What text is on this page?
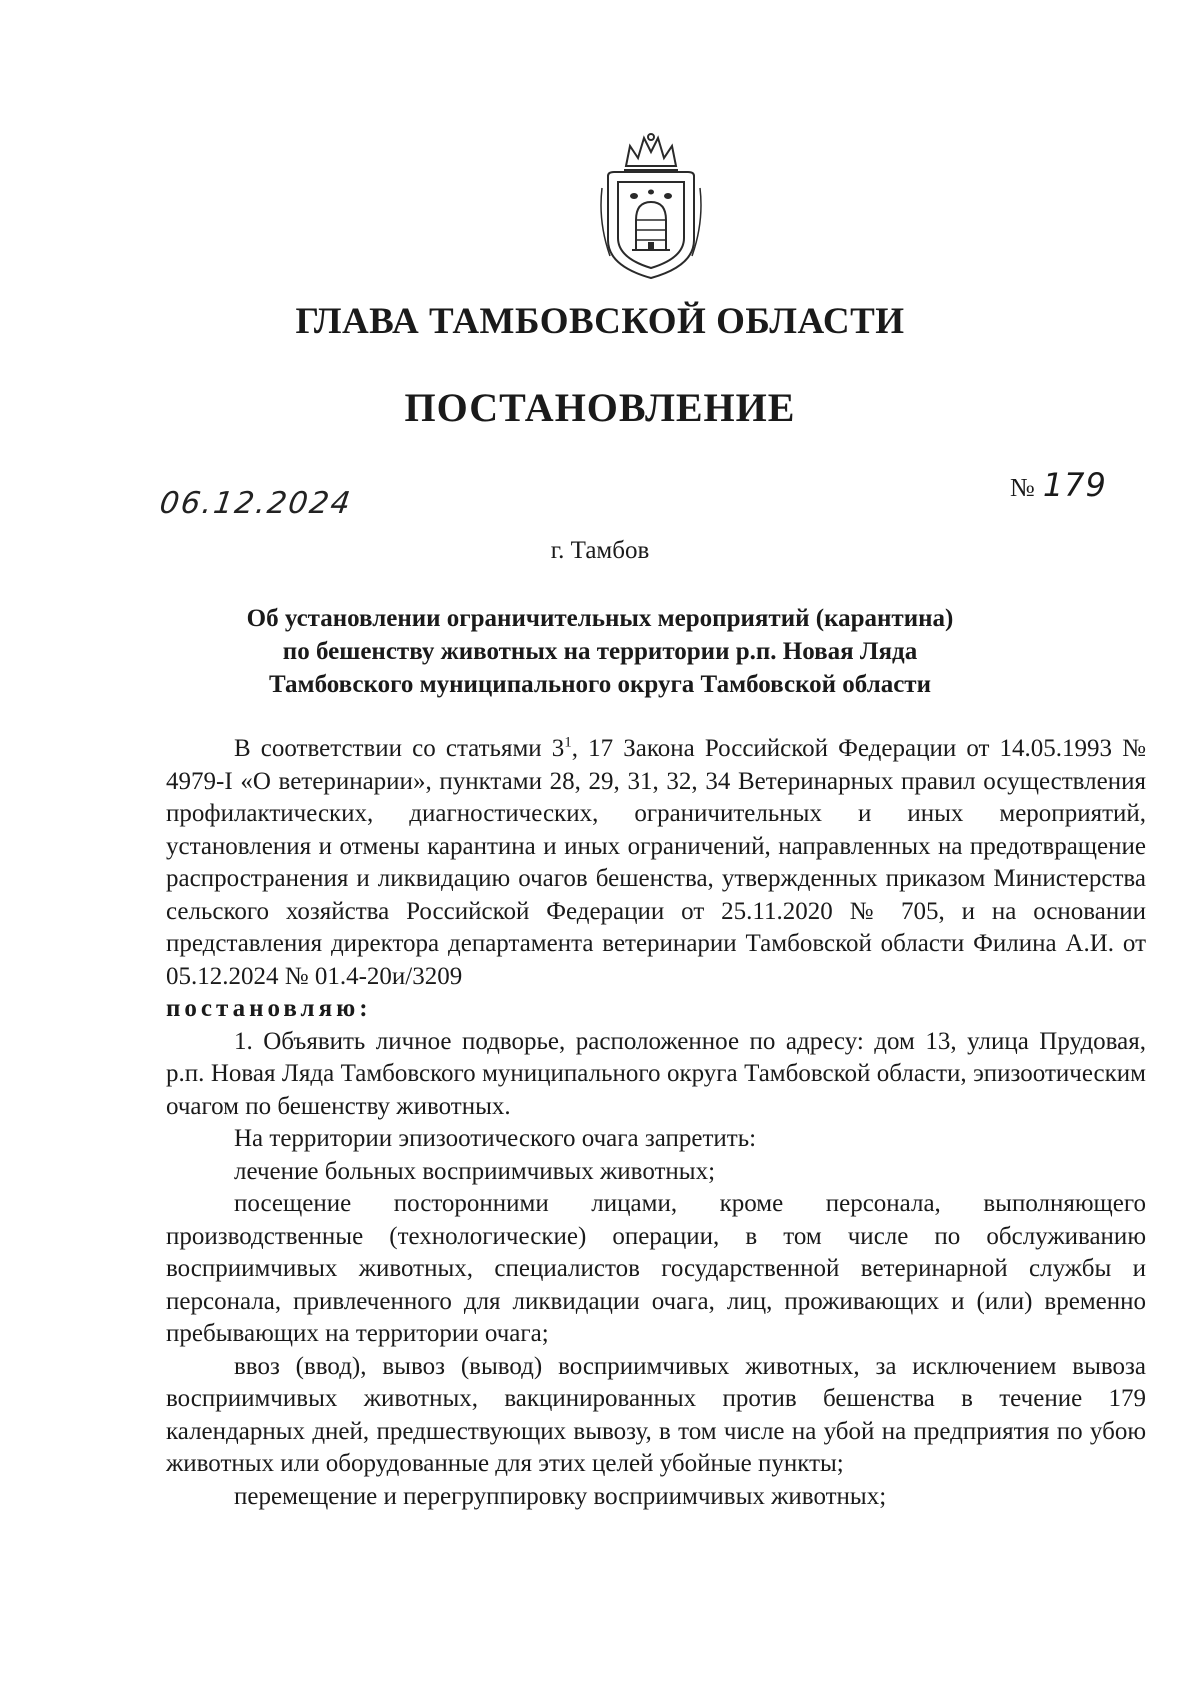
ГЛАВА ТАМБОВСКОЙ ОБЛАСТИ
ПОСТАНОВЛЕНИЕ
06.12.2024	№ 179
г. Тамбов
Об установлении ограничительных мероприятий (карантина)
по бешенству животных на территории р.п. Новая Ляда
Тамбовского муниципального округа Тамбовской области

В соответствии со статьями $3^1$, 17 Закона Российской Федерации от 14.05.1993 № 4979-I «О ветеринарии», пунктами 28, 29, 31, 32, 34 Ветеринарных правил осуществления профилактических, диагностических, ограничительных и иных мероприятий, установления и отмены карантина и иных ограничений, направленных на предотвращение распространения и ликвидацию очагов бешенства, утвержденных приказом Министерства сельского хозяйства Российской Федерации от 25.11.2020 № 705, и на основании представления директора департамента ветеринарии Тамбовской области Филина А.И. от 05.12.2024 № 01.4-20и/3209

постановляю:

1. Объявить личное подворье, расположенное по адресу: дом 13, улица Прудовая, р.п. Новая Ляда Тамбовского муниципального округа Тамбовской области, эпизоотическим очагом по бешенству животных.

На территории эпизоотического очага запретить:

лечение больных восприимчивых животных;

посещение посторонними лицами, кроме персонала, выполняющего производственные (технологические) операции, в том числе по обслуживанию восприимчивых животных, специалистов государственной ветеринарной службы и персонала, привлеченного для ликвидации очага, лиц, проживающих и (или) временно пребывающих на территории очага;

ввоз (ввод), вывоз (вывод) восприимчивых животных, за исключением вывоза восприимчивых животных, вакцинированных против бешенства в течение 179 календарных дней, предшествующих вывозу, в том числе на убой на предприятия по убою животных или оборудованные для этих целей убойные пункты;

перемещение и перегруппировку восприимчивых животных;
